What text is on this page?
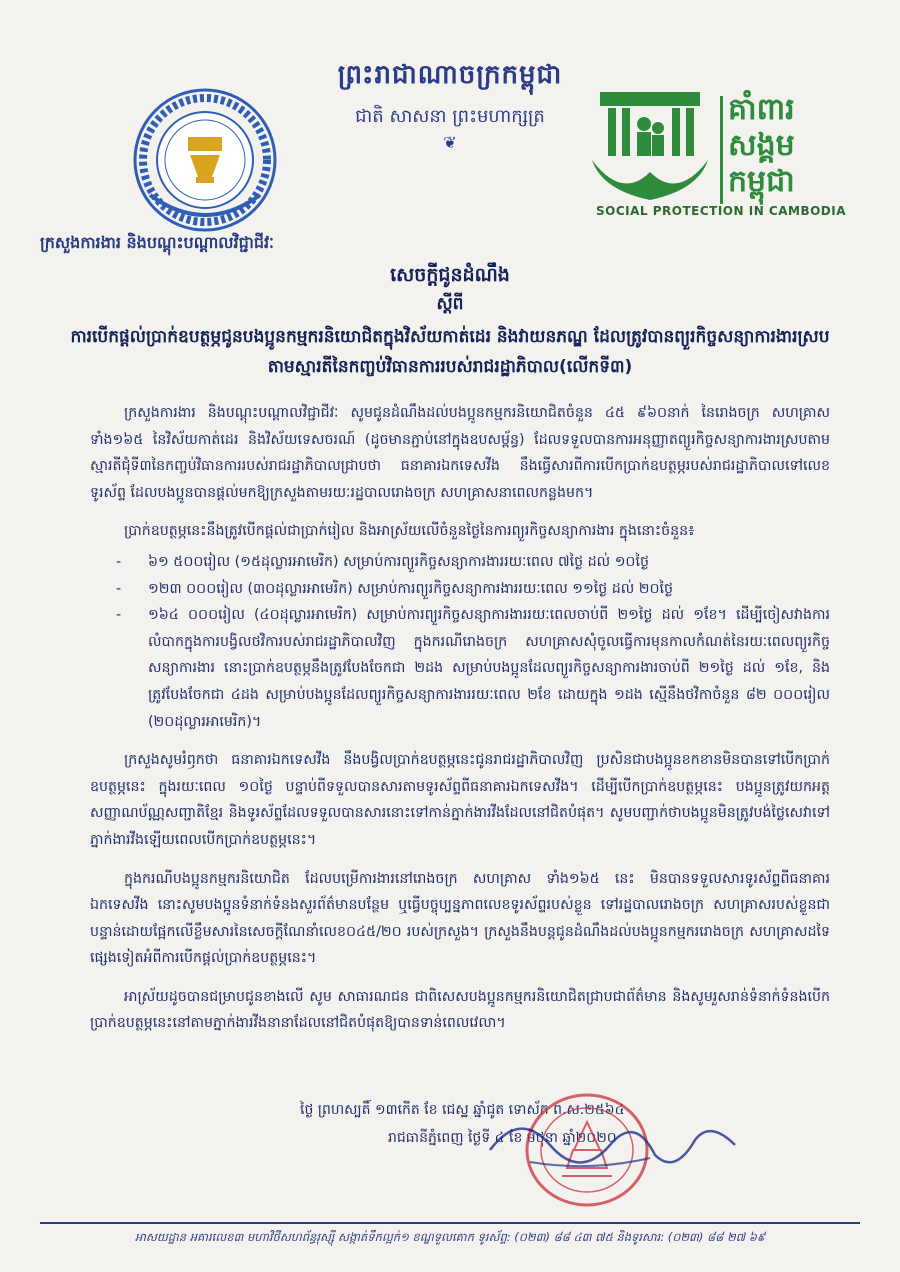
ព្រះរាជាណាចក្រកម្ពុជា
ជាតិ សាសនា ព្រះមហាក្សត្រ
❦
គាំពារ
សង្គម
កម្ពុជា
SOCIAL PROTECTION IN CAMBODIA
ក្រសួងការងារ និងបណ្តុះបណ្តាលវិជ្ជាជីវៈ
សេចក្តីជូនដំណឹង
ស្តីពី
ការបើកផ្តល់ប្រាក់ឧបត្ថម្ភជូនបងប្អូនកម្មករនិយោជិតក្នុងវិស័យកាត់ដេរ និងវាយនភណ្ឌ ដែលត្រូវបានព្យួរកិច្ចសន្យាការងារស្របតាមស្មារតីនៃកញ្ចប់វិធានការរបស់រាជរដ្ឋាភិបាល(លើកទី៣)

ក្រសួងការងារ និងបណ្តុះបណ្តាលវិជ្ជាជីវៈ សូមជូនដំណឹងដល់បងប្អូនកម្មករនិយោជិតចំនួន ៤៥ ៩៦០នាក់ នៃរោងចក្រ សហគ្រាស ទាំង១៦៥ នៃវិស័យកាត់ដេរ និងវិស័យទេសចរណ៍ (ដូចមានភ្ជាប់នៅក្នុងឧបសម្ព័ន្ធ) ដែលទទួលបានការអនុញ្ញាតព្យួរកិច្ចសន្យាការងារស្របតាមស្មារតីជុំទី៣នៃកញ្ចប់វិធានការរបស់រាជរដ្ឋាភិបាលជ្រាបថា ធនាគារឯកទេសវីង នឹងធ្វើសារពីការបើកប្រាក់ឧបត្ថម្ភរបស់រាជរដ្ឋាភិបាលទៅលេខទូរស័ព្ទ ដែលបងប្អូនបានផ្តល់មកឱ្យក្រសួងតាមរយៈរដ្ឋបាលរោងចក្រ សហគ្រាសនាពេលកន្លងមក។

ប្រាក់ឧបត្ថម្ភនេះនឹងត្រូវបើកផ្តល់ជាប្រាក់រៀល និងអាស្រ័យលើចំនួនថ្ងៃនៃការព្យួរកិច្ចសន្យាការងារ ក្នុងនោះចំនួន៖

- ៦១ ៥០០រៀល (១៥ដុល្លារអាមេរិក) សម្រាប់ការព្យួរកិច្ចសន្យាការងាររយៈពេល ៧ថ្ងៃ ដល់ ១០ថ្ងៃ
- ១២៣ ០០០រៀល (៣០ដុល្លារអាមេរិក) សម្រាប់ការព្យួរកិច្ចសន្យាការងាររយៈពេល ១១ថ្ងៃ ដល់ ២០ថ្ងៃ
- ១៦៤ ០០០រៀល (៤០ដុល្លារអាមេរិក) សម្រាប់ការព្យួរកិច្ចសន្យាការងាររយៈពេលចាប់ពី ២១ថ្ងៃ ដល់ ១ខែ។ ដើម្បីចៀសវាងការលំបាកក្នុងការបង្វិលថវិការបស់រាជរដ្ឋាភិបាលវិញ ក្នុងករណីរោងចក្រ សហគ្រាសសុំចូលធ្វើការមុនកាលកំណត់នៃរយៈពេលព្យួរកិច្ចសន្យាការងារ នោះប្រាក់ឧបត្ថម្ភនឹងត្រូវបែងចែកជា ២ដង សម្រាប់បងប្អូនដែលព្យួរកិច្ចសន្យាការងារចាប់ពី ២១ថ្ងៃ ដល់ ១ខែ, និងត្រូវបែងចែកជា ៤ដង សម្រាប់បងប្អូនដែលព្យួរកិច្ចសន្យាការងាររយៈពេល ២ខែ ដោយក្នុង ១ដង ស្មើនឹងថវិកាចំនួន ៨២ ០០០រៀល (២០ដុល្លារអាមេរិក)។

ក្រសួងសូមរំឭកថា ធនាគារឯកទេសវីង នឹងបង្វិលប្រាក់ឧបត្ថម្ភនេះជូនរាជរដ្ឋាភិបាលវិញ ប្រសិនជាបងប្អូនខកខានមិនបានទៅបើកប្រាក់ឧបត្ថម្ភនេះ ក្នុងរយៈពេល ១០ថ្ងៃ បន្ទាប់ពីទទួលបានសារតាមទូរស័ព្ទពីធនាគារឯកទេសវីង។ ដើម្បីបើកប្រាក់ឧបត្ថម្ភនេះ បងប្អូនត្រូវយកអត្តសញ្ញាណប័ណ្ណសញ្ជាតិខ្មែរ និងទូរស័ព្ទដែលទទួលបានសារនោះទៅកាន់ភ្នាក់ងារវីងដែលនៅជិតបំផុត។ សូមបញ្ជាក់ថាបងប្អូនមិនត្រូវបង់ថ្លៃសេវាទៅភ្នាក់ងារវីងឡើយពេលបើកប្រាក់ឧបត្ថម្ភនេះ។

ក្នុងករណីបងប្អូនកម្មករនិយោជិត ដែលបម្រើការងារនៅរោងចក្រ សហគ្រាស ទាំង១៦៥ នេះ មិនបានទទួលសារទូរស័ព្ទពីធនាគារឯកទេសវីង នោះសូមបងប្អូនទំនាក់ទំនងសួរព័ត៌មានបន្ថែម ឬធ្វើបច្ចុប្បន្នភាពលេខទូរស័ព្ទរបស់ខ្លួន ទៅរដ្ឋបាលរោងចក្រ សហគ្រាសរបស់ខ្លួនជាបន្ទាន់ដោយផ្អែកលើខ្លឹមសារនៃសេចក្តីណែនាំលេខ០៤៥/២០ របស់ក្រសួង។ ក្រសួងនឹងបន្តជូនដំណឹងដល់បងប្អូនកម្មកររោងចក្រ សហគ្រាសដទៃផ្សេងទៀតអំពីការបើកផ្តល់ប្រាក់ឧបត្ថម្ភនេះ។

អាស្រ័យដូចបានជម្រាបជូនខាងលើ សូម សាធារណជន ជាពិសេសបងប្អូនកម្មករនិយោជិតជ្រាបជាព័ត៌មាន និងសូមរួសរាន់ទំនាក់ទំនងបើកប្រាក់ឧបត្ថម្ភនេះនៅតាមភ្នាក់ងារវីងនានាដែលនៅជិតបំផុតឱ្យបានទាន់ពេលវេលា។

ថ្ងៃ ព្រហស្បតិ៍ ១៣កើត ខែ ជេស្ឋ ឆ្នាំជូត ទោស័ក ព.ស.២៥៦៤
រាជធានីភ្នំពេញ ថ្ងៃទី ៤ ខែ មិថុនា ឆ្នាំ២០២០
អាសយដ្ឋាន អគារលេខ៣ មហាវិថីសហព័ន្ធរុស្ស៊ី សង្កាត់ទឹកល្អក់១ ខណ្ឌទួលគោក ទូរស័ព្ទ: (០២៣) ៨៨ ៤៣ ៧៥ និងទូរសារ: (០២៣) ៨៨ ២៧ ៦៩
